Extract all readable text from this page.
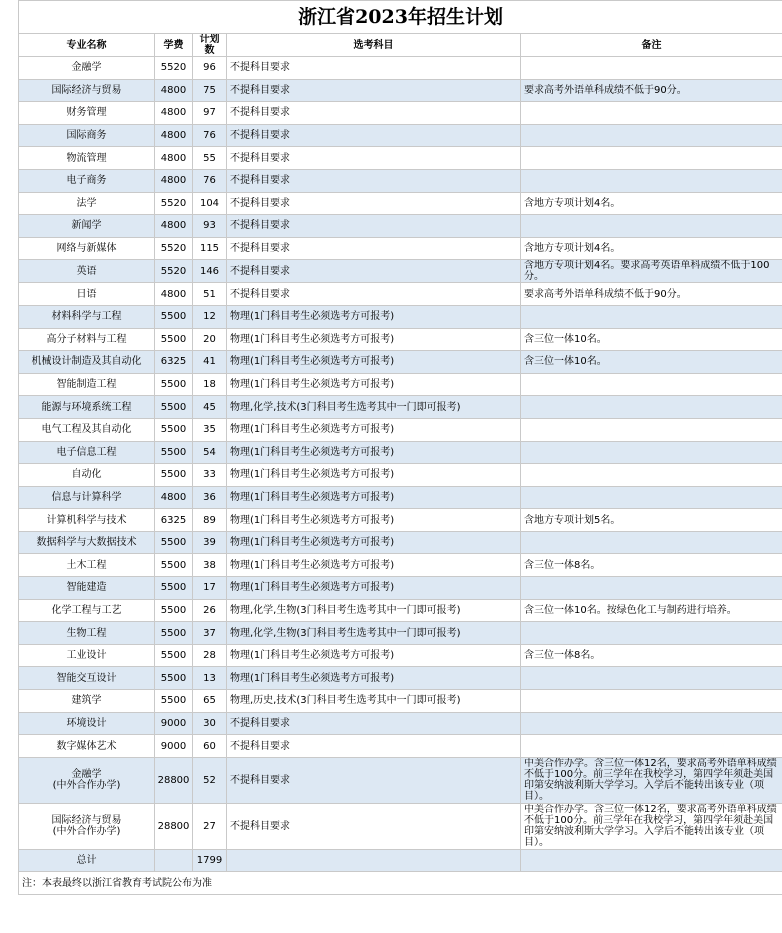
浙江省2023年招生计划				
专业名称	学费	计划数	选考科目	备注

金融学	5520	96	不提科目要求	

国际经济与贸易	4800	75	不提科目要求	要求高考外语单科成绩不低于90分。

财务管理	4800	97	不提科目要求	

国际商务	4800	76	不提科目要求	

物流管理	4800	55	不提科目要求	

电子商务	4800	76	不提科目要求	

法学	5520	104	不提科目要求	含地方专项计划4名。

新闻学	4800	93	不提科目要求	

网络与新媒体	5520	115	不提科目要求	含地方专项计划4名。

英语	5520	146	不提科目要求	含地方专项计划4名。要求高考英语单科成绩不低于100分。

日语	4800	51	不提科目要求	要求高考外语单科成绩不低于90分。

材料科学与工程	5500	12	物理(1门科目考生必须选考方可报考)	

高分子材料与工程	5500	20	物理(1门科目考生必须选考方可报考)	含三位一体10名。

机械设计制造及其自动化	6325	41	物理(1门科目考生必须选考方可报考)	含三位一体10名。

智能制造工程	5500	18	物理(1门科目考生必须选考方可报考)	

能源与环境系统工程	5500	45	物理,化学,技术(3门科目考生选考其中一门即可报考)	

电气工程及其自动化	5500	35	物理(1门科目考生必须选考方可报考)	

电子信息工程	5500	54	物理(1门科目考生必须选考方可报考)	

自动化	5500	33	物理(1门科目考生必须选考方可报考)	

信息与计算科学	4800	36	物理(1门科目考生必须选考方可报考)	

计算机科学与技术	6325	89	物理(1门科目考生必须选考方可报考)	含地方专项计划5名。

数据科学与大数据技术	5500	39	物理(1门科目考生必须选考方可报考)	

土木工程	5500	38	物理(1门科目考生必须选考方可报考)	含三位一体8名。

智能建造	5500	17	物理(1门科目考生必须选考方可报考)	

化学工程与工艺	5500	26	物理,化学,生物(3门科目考生选考其中一门即可报考)	含三位一体10名。按绿色化工与制药进行培养。

生物工程	5500	37	物理,化学,生物(3门科目考生选考其中一门即可报考)	

工业设计	5500	28	物理(1门科目考生必须选考方可报考)	含三位一体8名。

智能交互设计	5500	13	物理(1门科目考生必须选考方可报考)	

建筑学	5500	65	物理,历史,技术(3门科目考生选考其中一门即可报考)	

环境设计	9000	30	不提科目要求	

数字媒体艺术	9000	60	不提科目要求	

金融学
(中外合作办学)	28800	52	不提科目要求	中美合作办学。含三位一体12名，要求高考外语单科成绩不低于100分。前三学年在我校学习，第四学年须赴美国印第安纳波利斯大学学习。入学后不能转出该专业（项目）。

国际经济与贸易
(中外合作办学)	28800	27	不提科目要求	中美合作办学。含三位一体12名，要求高考外语单科成绩不低于100分。前三学年在我校学习，第四学年须赴美国印第安纳波利斯大学学习。入学后不能转出该专业（项目）。
总计		1799		
注：本表最终以浙江省教育考试院公布为准				
